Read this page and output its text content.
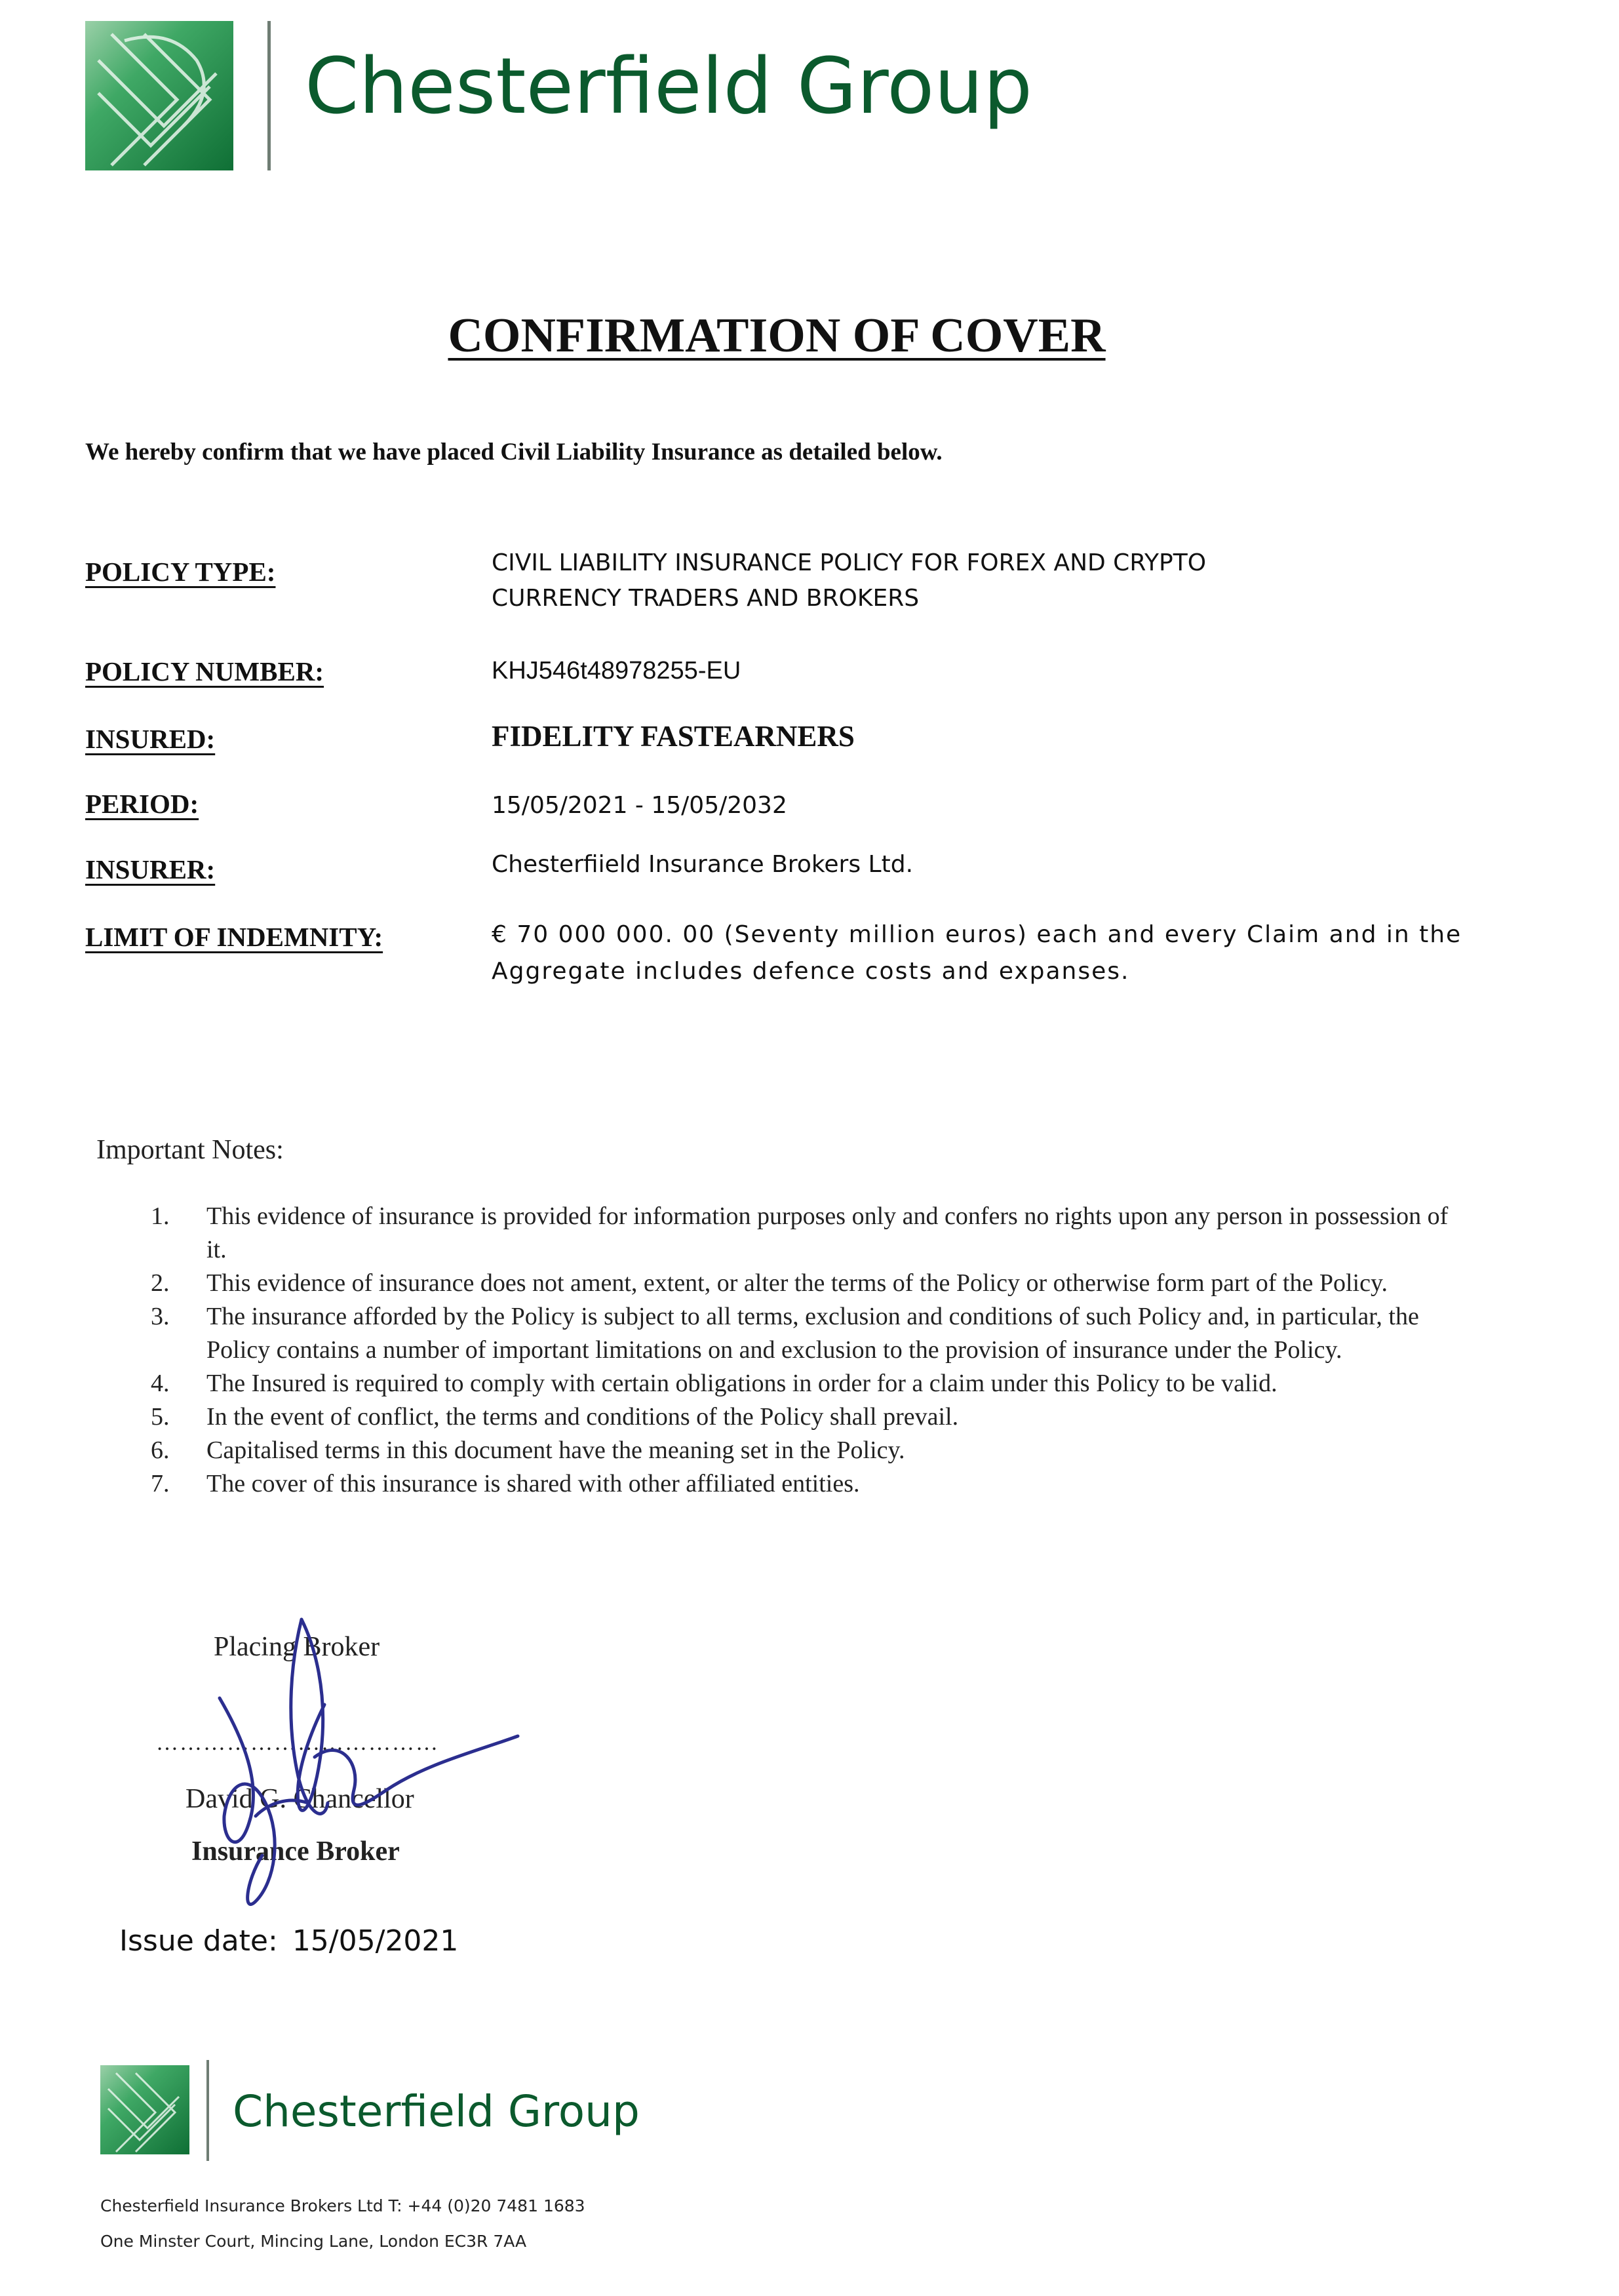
Chesterfield Group
CONFIRMATION OF COVER
We hereby confirm that we have placed Civil Liability Insurance as detailed below.
POLICY TYPE:	CIVIL LIABILITY INSURANCE POLICY FOR FOREX AND CRYPTO
CURRENCY TRADERS AND BROKERS
POLICY NUMBER:	KHJ546t48978255-EU
INSURED:	FIDELITY FASTEARNERS
PERIOD:	15/05/2021 - 15/05/2032
INSURER:	Chesterfiield Insurance Brokers Ltd.
LIMIT OF INDEMNITY:	€ 70 000 000. 00 (Seventy million euros) each and every Claim and in the
Aggregate includes defence costs and expanses.
Important Notes:
1. This evidence of insurance is provided for information purposes only and confers no rights upon any person in possession of it.
2. This evidence of insurance does not ament, extent, or alter the terms of the Policy or otherwise form part of the Policy.
3. The insurance afforded by the Policy is subject to all terms, exclusion and conditions of such Policy and, in particular, the Policy contains a number of important limitations on and exclusion to the provision of insurance under the Policy.
4. The Insured is required to comply with certain obligations in order for a claim under this Policy to be valid.
5. In the event of conflict, the terms and conditions of the Policy shall prevail.
6. Capitalised terms in this document have the meaning set in the Policy.
7. The cover of this insurance is shared with other affiliated entities.
Placing Broker
………………………………
David G. Chancellor
Insurance Broker
Issue date: 15/05/2021
Chesterfield Group
Chesterfield Insurance Brokers Ltd T: +44 (0)20 7481 1683
One Minster Court, Mincing Lane, London EC3R 7AA
